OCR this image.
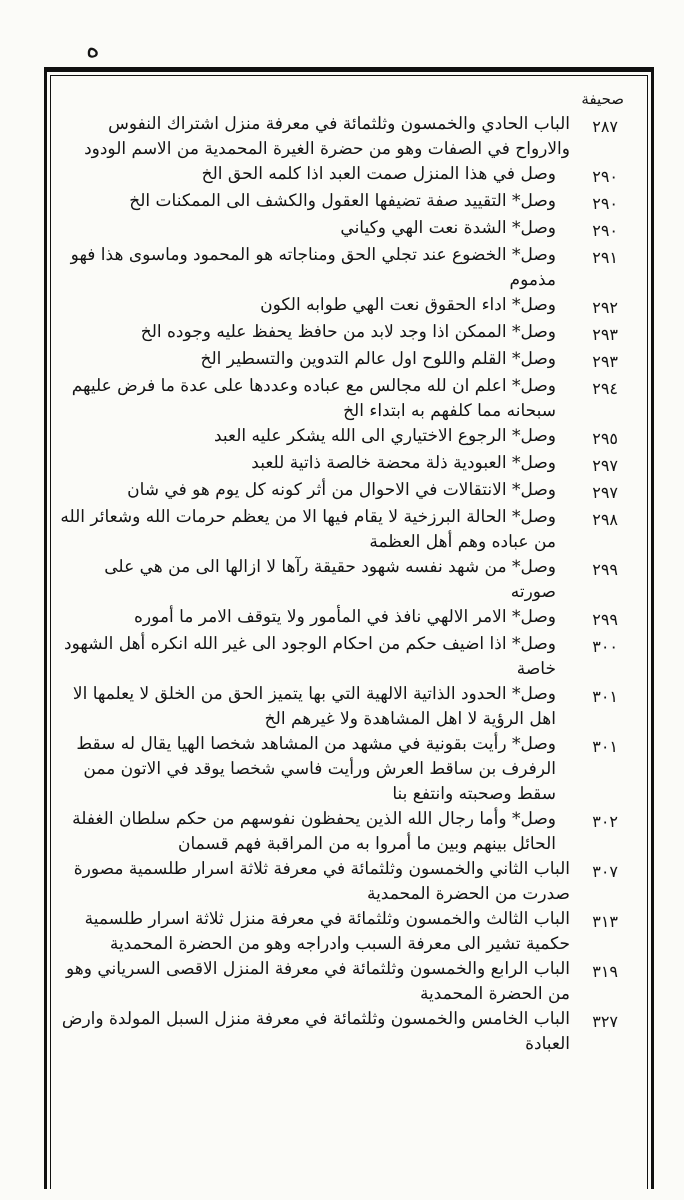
ه
صحيفة
٢٨٧
الباب الحادي والخمسون وثلثمائة في معرفة منزل اشتراك النفوس والارواح في الصفات وهو من حضرة الغيرة المحمدية من الاسم الودود
٢٩٠
وصل في هذا المنزل صمت العبد اذا كلمه الحق الخ
٢٩٠
وصل* التقييد صفة تضيفها العقول والكشف الى الممكنات الخ
٢٩٠
وصل* الشدة نعت الهي وكياني
٢٩١
وصل* الخضوع عند تجلي الحق ومناجاته هو المحمود وماسوى هذا فهو مذموم
٢٩٢
وصل* اداء الحقوق نعت الهي طوابه الكون
٢٩٣
وصل* الممكن اذا وجد لابد من حافظ يحفظ عليه وجوده الخ
٢٩٣
وصل* القلم واللوح اول عالم التدوين والتسطير الخ
٢٩٤
وصل* اعلم ان لله مجالس مع عباده وعددها على عدة ما فرض عليهم سبحانه مما كلفهم به ابتداء الخ
٢٩٥
وصل* الرجوع الاختياري الى الله يشكر عليه العبد
٢٩٧
وصل* العبودية ذلة محضة خالصة ذاتية للعبد
٢٩٧
وصل* الانتقالات في الاحوال من أثر كونه كل يوم هو في شان
٢٩٨
وصل* الحالة البرزخية لا يقام فيها الا من يعظم حرمات الله وشعائر الله من عباده وهم أهل العظمة
٢٩٩
وصل* من شهد نفسه شهود حقيقة رآها لا ازالها الى من هي على صورته
٢٩٩
وصل* الامر الالهي نافذ في المأمور ولا يتوقف الامر ما أموره
٣٠٠
وصل* اذا اضيف حكم من احكام الوجود الى غير الله انكره أهل الشهود خاصة
٣٠١
وصل* الحدود الذاتية الالهية التي بها يتميز الحق من الخلق لا يعلمها الا اهل الرؤية لا اهل المشاهدة ولا غيرهم الخ
٣٠١
وصل* رأيت بقونية في مشهد من المشاهد شخصا الهيا يقال له سقط الرفرف بن ساقط العرش ورأيت فاسي شخصا يوقد في الاتون ممن سقط وصحبته وانتفع بنا
٣٠٢
وصل* وأما رجال الله الذين يحفظون نفوسهم من حكم سلطان الغفلة الحائل بينهم وبين ما أمروا به من المراقبة فهم قسمان
٣٠٧
الباب الثاني والخمسون وثلثمائة في معرفة ثلاثة اسرار طلسمية مصورة صدرت من الحضرة المحمدية
٣١٣
الباب الثالث والخمسون وثلثمائة في معرفة منزل ثلاثة اسرار طلسمية حكمية تشير الى معرفة السبب وادراجه وهو من الحضرة المحمدية
٣١٩
الباب الرابع والخمسون وثلثمائة في معرفة المنزل الاقصى السرياني وهو من الحضرة المحمدية
٣٢٧
الباب الخامس والخمسون وثلثمائة في معرفة منزل السبل المولدة وارض العبادة
